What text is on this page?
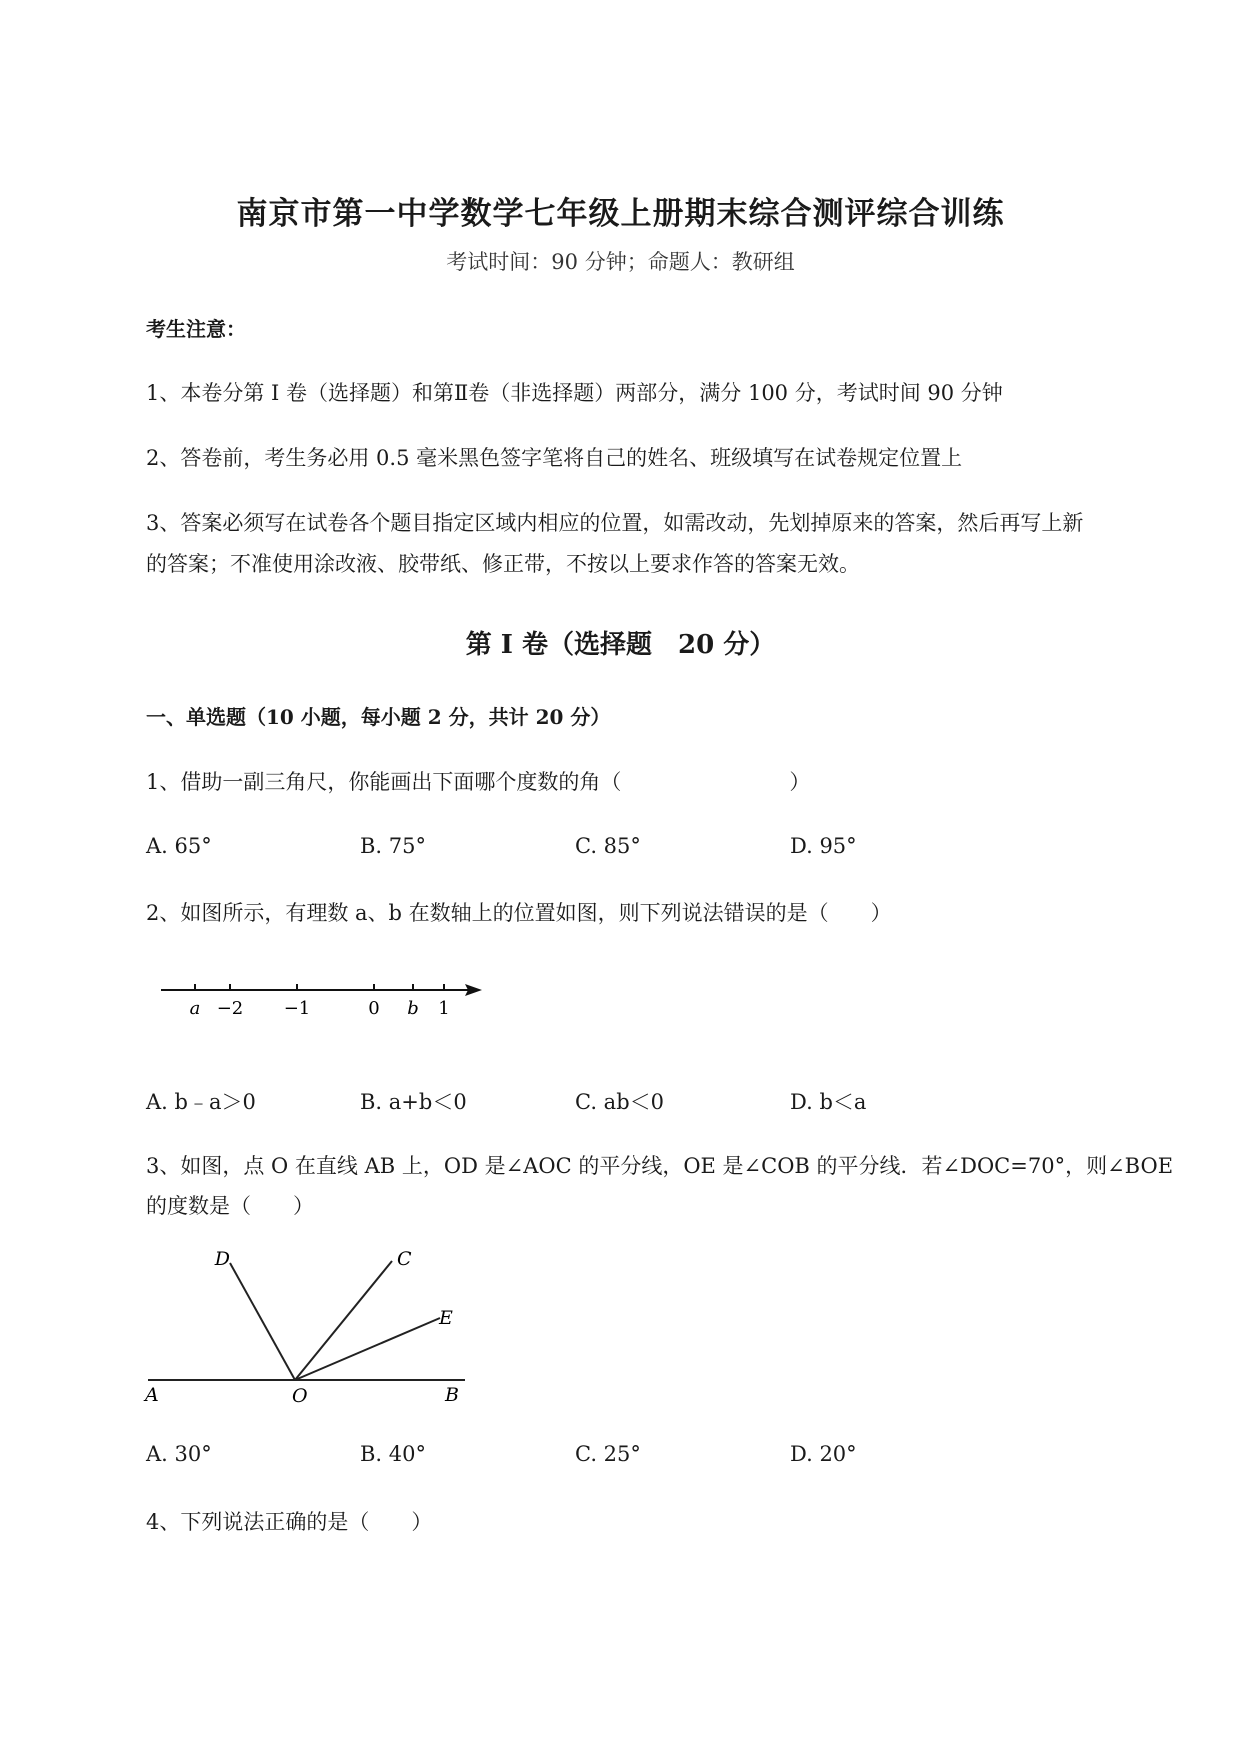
南京市第一中学数学七年级上册期末综合测评综合训练
考试时间：90 分钟；命题人：教研组
考生注意：
1、本卷分第 I 卷（选择题）和第Ⅱ卷（非选择题）两部分，满分 100 分，考试时间 90 分钟
2、答卷前，考生务必用 0.5 毫米黑色签字笔将自己的姓名、班级填写在试卷规定位置上
3、答案必须写在试卷各个题目指定区域内相应的位置，如需改动，先划掉原来的答案，然后再写上新
的答案；不准使用涂改液、胶带纸、修正带，不按以上要求作答的答案无效。
第 I 卷（选择题　20 分）
一、单选题（10 小题，每小题 2 分，共计 20 分）
1、借助一副三角尺，你能画出下面哪个度数的角（　　　　　　　　）
A. 65°	B. 75°	C. 85°	D. 95°
2、如图所示，有理数 a、b 在数轴上的位置如图，则下列说法错误的是（　　）
a −2 −1	0 b 1
A. b﹣a＞0	B. a+b＜0	C. ab＜0	D. b＜a
3、如图，点 O 在直线 AB 上，OD 是∠AOC 的平分线，OE 是∠COB 的平分线．若∠DOC=70°，则∠BOE
的度数是（　　）
D	C
E
A	O	B
A. 30°	B. 40°	C. 25°	D. 20°
4、下列说法正确的是（　　）
